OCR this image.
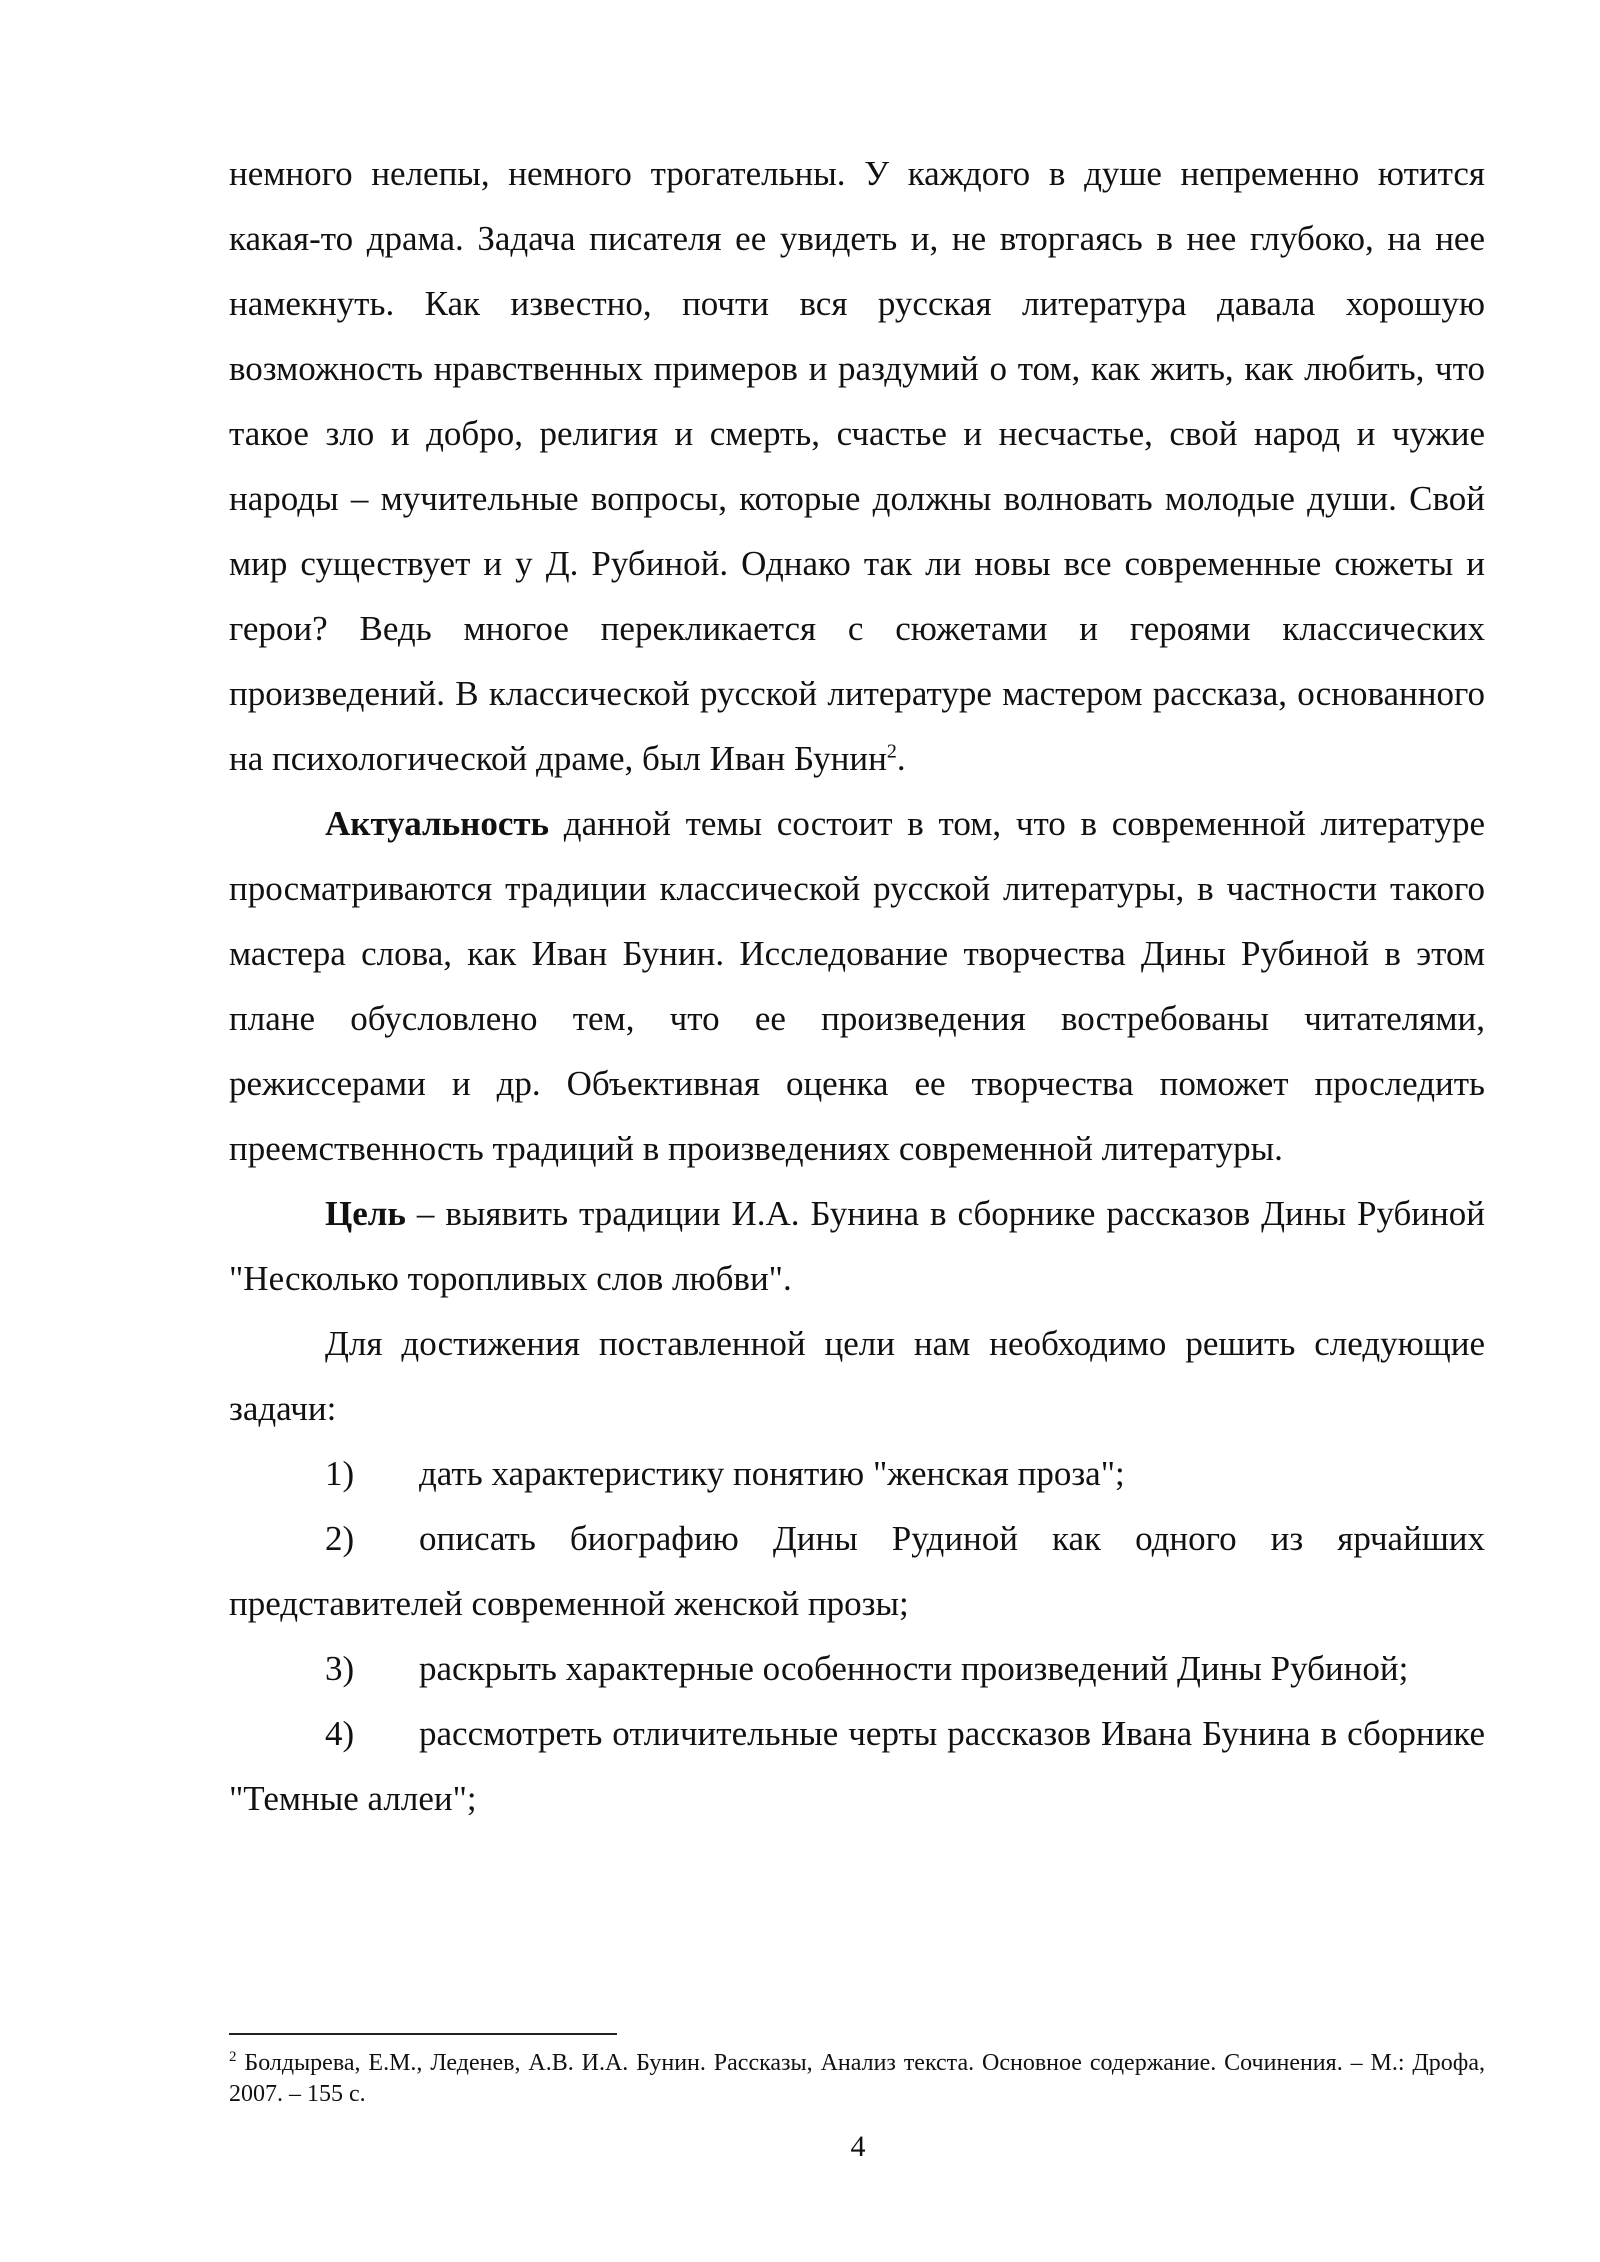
немного нелепы, немного трогательны. У каждого в душе непременно ютится какая-то драма. Задача писателя ее увидеть и, не вторгаясь в нее глубоко, на нее намекнуть. Как известно, почти вся русская литература давала хорошую возможность нравственных примеров и раздумий о том, как жить, как любить, что такое зло и добро, религия и смерть, счастье и несчастье, свой народ и чужие народы – мучительные вопросы, которые должны волновать молодые души. Свой мир существует и у Д. Рубиной. Однако так ли новы все современные сюжеты и герои? Ведь многое перекликается с сюжетами и героями классических произведений. В классической русской литературе мастером рассказа, основанного на психологической драме, был Иван Бунин$^2$.

Актуальность данной темы состоит в том, что в современной литературе просматриваются традиции классической русской литературы, в частности такого мастера слова, как Иван Бунин. Исследование творчества Дины Рубиной в этом плане обусловлено тем, что ее произведения востребованы читателями, режиссерами и др. Объективная оценка ее творчества поможет проследить преемственность традиций в произведениях современной литературы.

Цель – выявить традиции И.А. Бунина в сборнике рассказов Дины Рубиной "Несколько торопливых слов любви".

Для достижения поставленной цели нам необходимо решить следующие задачи:

1)	дать характеристику понятию "женская проза";

2) описать биографию Дины Рудиной как одного из ярчайших представителей современной женской прозы;

3)	раскрыть характерные особенности произведений Дины Рубиной;

4) рассмотреть отличительные черты рассказов Ивана Бунина в сборнике "Темные аллеи";

$^2$ Болдырева, Е.М., Леденев, А.В. И.А. Бунин. Рассказы, Анализ текста. Основное содержание. Сочинения. – М.: Дрофа, 2007. – 155 с.
4
